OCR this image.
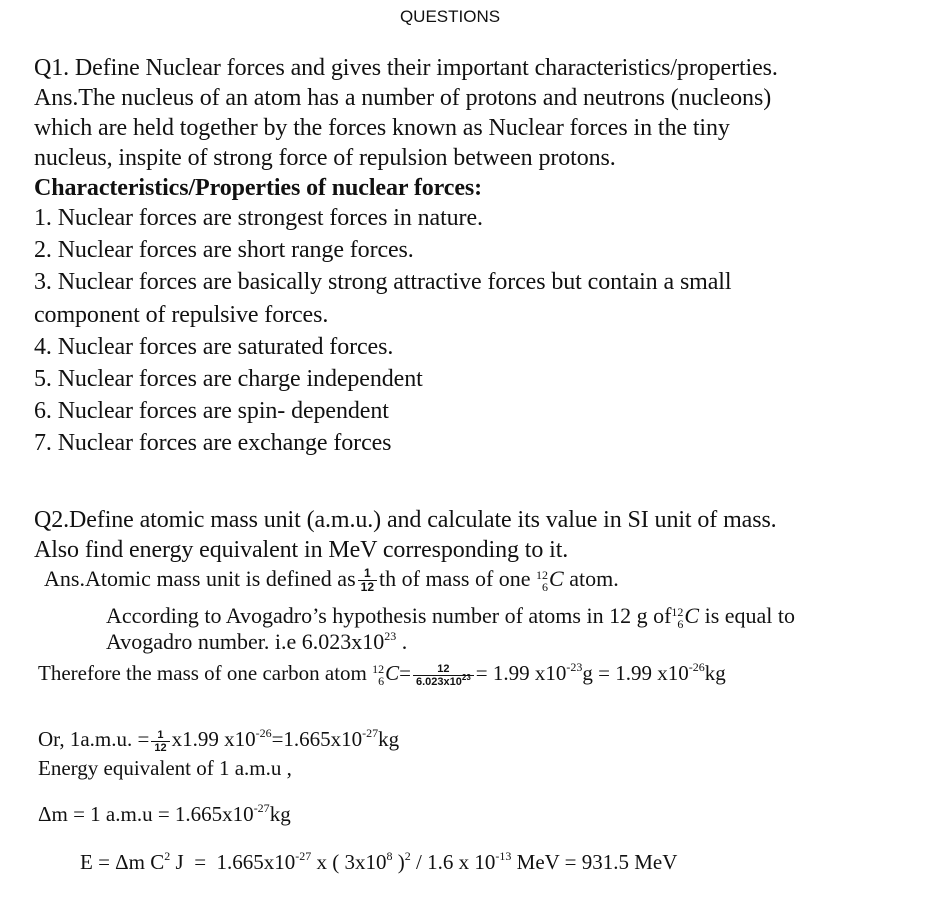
QUESTIONS
Q1. Define Nuclear forces and gives their important characteristics/properties.
Ans.The nucleus of an atom has a number of protons and neutrons (nucleons)
which are held together by the forces known as Nuclear forces in the tiny
nucleus, inspite of strong force of repulsion between protons.
Characteristics/Properties of nuclear forces:
1. Nuclear forces are strongest forces in nature.
2. Nuclear forces are short range forces.
3. Nuclear forces are basically strong attractive forces but contain a small
component of repulsive forces.
4. Nuclear forces are saturated forces.
5. Nuclear forces are charge independent
6. Nuclear forces are spin- dependent
7. Nuclear forces are exchange forces
Q2.Define atomic mass unit (a.m.u.) and calculate its value in SI unit of mass.
Also find energy equivalent in MeV corresponding to it.
Ans.Atomic mass unit is defined as $\frac{1}{12}$ th of mass of one 12
6 C atom.
According to Avogadro’s hypothesis number of atoms in 12 g of 12
6 C is equal to
Avogadro number. i.e $6.023x10^{23}$ .
Therefore the mass of one carbon atom 12
6 $C= \frac{12}{6.023x10^{23}} = 1.99$ $x10^{-23}g = 1.99$ $x10^{-26}kg$
Or, 1a.m.u. = $\frac{1}{12} x1.99$ $x10^{-26}=1.665x10^{-27}kg$
Energy equivalent of 1 a.m.u ,
Δm = 1 $a.m.u = 1.665x10^{-27}kg$
E = Δm $C^2$ $J = 1.665x10^{-27}$ x ( $3x10^8$ )$^2$ / 1.6 x $10^{-13}$ MeV = 931.5 MeV
